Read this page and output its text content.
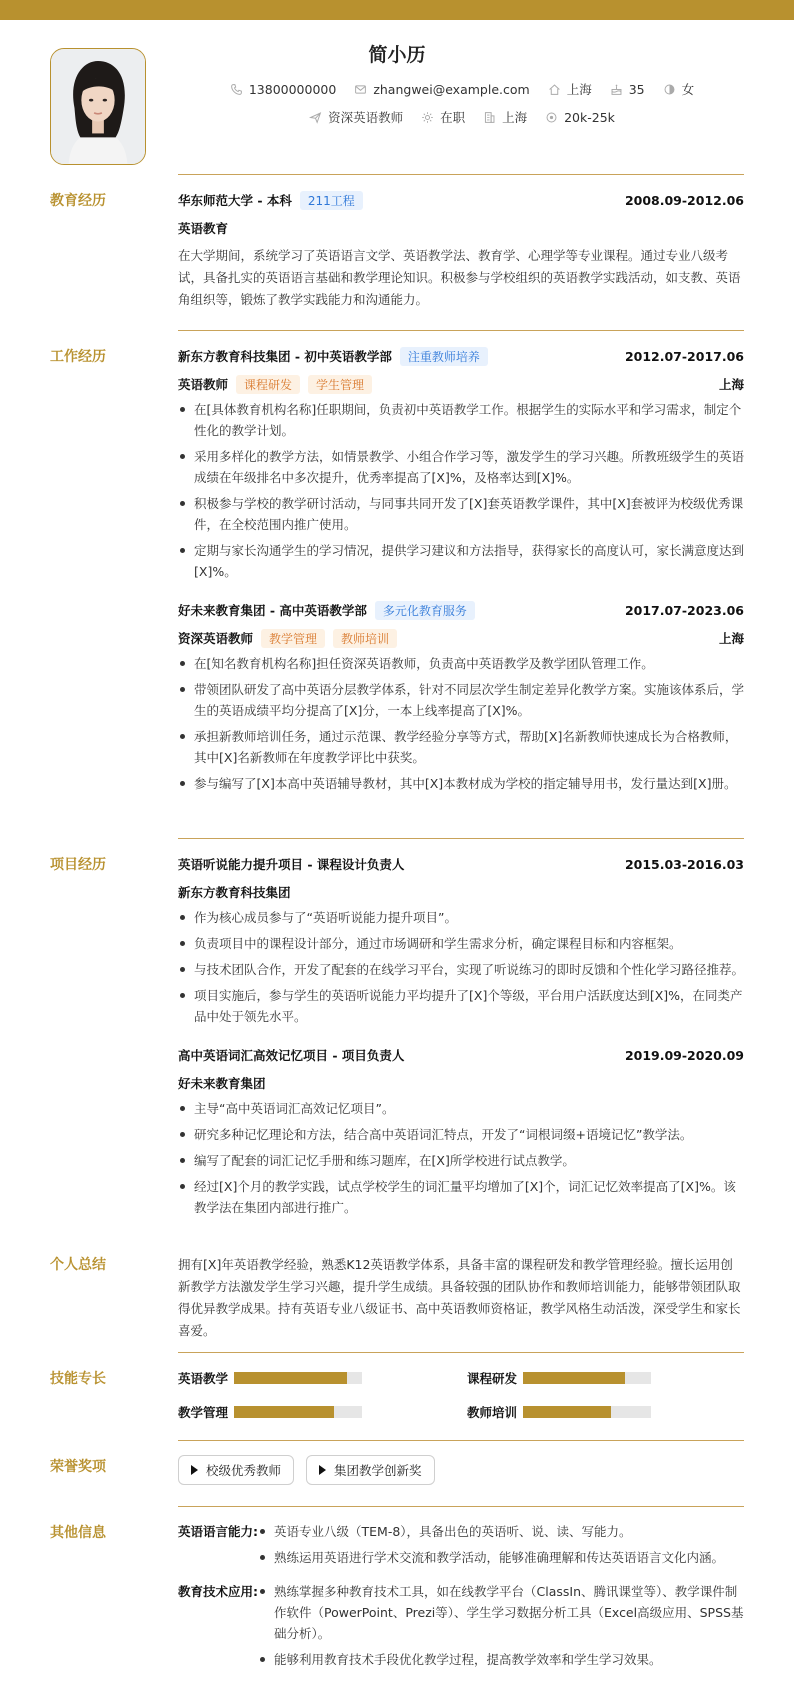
简小历
13800000000	zhangwei@example.com	上海	35	女
资深英语教师	在职	上海	20k-25k
教育经历	华东师范大学 - 本科	211工程	2008.09-2012.06
英语教育
在大学期间，系统学习了英语语言文学、英语教学法、教育学、心理学等专业课程。通过专业八级考试，具备扎实的英语语言基础和教学理论知识。积极参与学校组织的英语教学实践活动，如支教、英语角组织等，锻炼了教学实践能力和沟通能力。
工作经历	新东方教育科技集团 - 初中英语教学部	注重教师培养	2012.07-2017.06
英语教师	课程研发	学生管理	上海
在[具体教育机构名称]任职期间，负责初中英语教学工作。根据学生的实际水平和学习需求，制定个性化的教学计划。
采用多样化的教学方法，如情景教学、小组合作学习等，激发学生的学习兴趣。所教班级学生的英语成绩在年级排名中多次提升，优秀率提高了[X]%，及格率达到[X]%。
积极参与学校的教学研讨活动，与同事共同开发了[X]套英语教学课件，其中[X]套被评为校级优秀课件，在全校范围内推广使用。
定期与家长沟通学生的学习情况，提供学习建议和方法指导，获得家长的高度认可，家长满意度达到[X]%。
好未来教育集团 - 高中英语教学部	多元化教育服务	2017.07-2023.06
资深英语教师	教学管理	教师培训	上海
在[知名教育机构名称]担任资深英语教师，负责高中英语教学及教学团队管理工作。
带领团队研发了高中英语分层教学体系，针对不同层次学生制定差异化教学方案。实施该体系后，学生的英语成绩平均分提高了[X]分，一本上线率提高了[X]%。
承担新教师培训任务，通过示范课、教学经验分享等方式，帮助[X]名新教师快速成长为合格教师，其中[X]名新教师在年度教学评比中获奖。
参与编写了[X]本高中英语辅导教材，其中[X]本教材成为学校的指定辅导用书，发行量达到[X]册。
项目经历	英语听说能力提升项目 - 课程设计负责人	2015.03-2016.03
新东方教育科技集团
作为核心成员参与了“英语听说能力提升项目”。
负责项目中的课程设计部分，通过市场调研和学生需求分析，确定课程目标和内容框架。
与技术团队合作，开发了配套的在线学习平台，实现了听说练习的即时反馈和个性化学习路径推荐。
项目实施后，参与学生的英语听说能力平均提升了[X]个等级，平台用户活跃度达到[X]%，在同类产品中处于领先水平。
高中英语词汇高效记忆项目 - 项目负责人	2019.09-2020.09
好未来教育集团
主导“高中英语词汇高效记忆项目”。
研究多种记忆理论和方法，结合高中英语词汇特点，开发了“词根词缀+语境记忆”教学法。
编写了配套的词汇记忆手册和练习题库，在[X]所学校进行试点教学。
经过[X]个月的教学实践，试点学校学生的词汇量平均增加了[X]个，词汇记忆效率提高了[X]%。该教学法在集团内部进行推广。
个人总结	拥有[X]年英语教学经验，熟悉K12英语教学体系，具备丰富的课程研发和教学管理经验。擅长运用创新教学方法激发学生学习兴趣，提升学生成绩。具备较强的团队协作和教师培训能力，能够带领团队取得优异教学成果。持有英语专业八级证书、高中英语教师资格证，教学风格生动活泼，深受学生和家长喜爱。
技能专长	英语教学	课程研发
教学管理	教师培训
荣誉奖项	校级优秀教师	集团教学创新奖
其他信息	英语语言能力:	英语专业八级（TEM-8），具备出色的英语听、说、读、写能力。
熟练运用英语进行学术交流和教学活动，能够准确理解和传达英语语言文化内涵。
教育技术应用:	熟练掌握多种教育技术工具，如在线教学平台（ClassIn、腾讯课堂等）、教学课件制作软件（PowerPoint、Prezi等）、学生学习数据分析工具（Excel高级应用、SPSS基础分析）。
能够利用教育技术手段优化教学过程，提高教学效率和学生学习效果。
